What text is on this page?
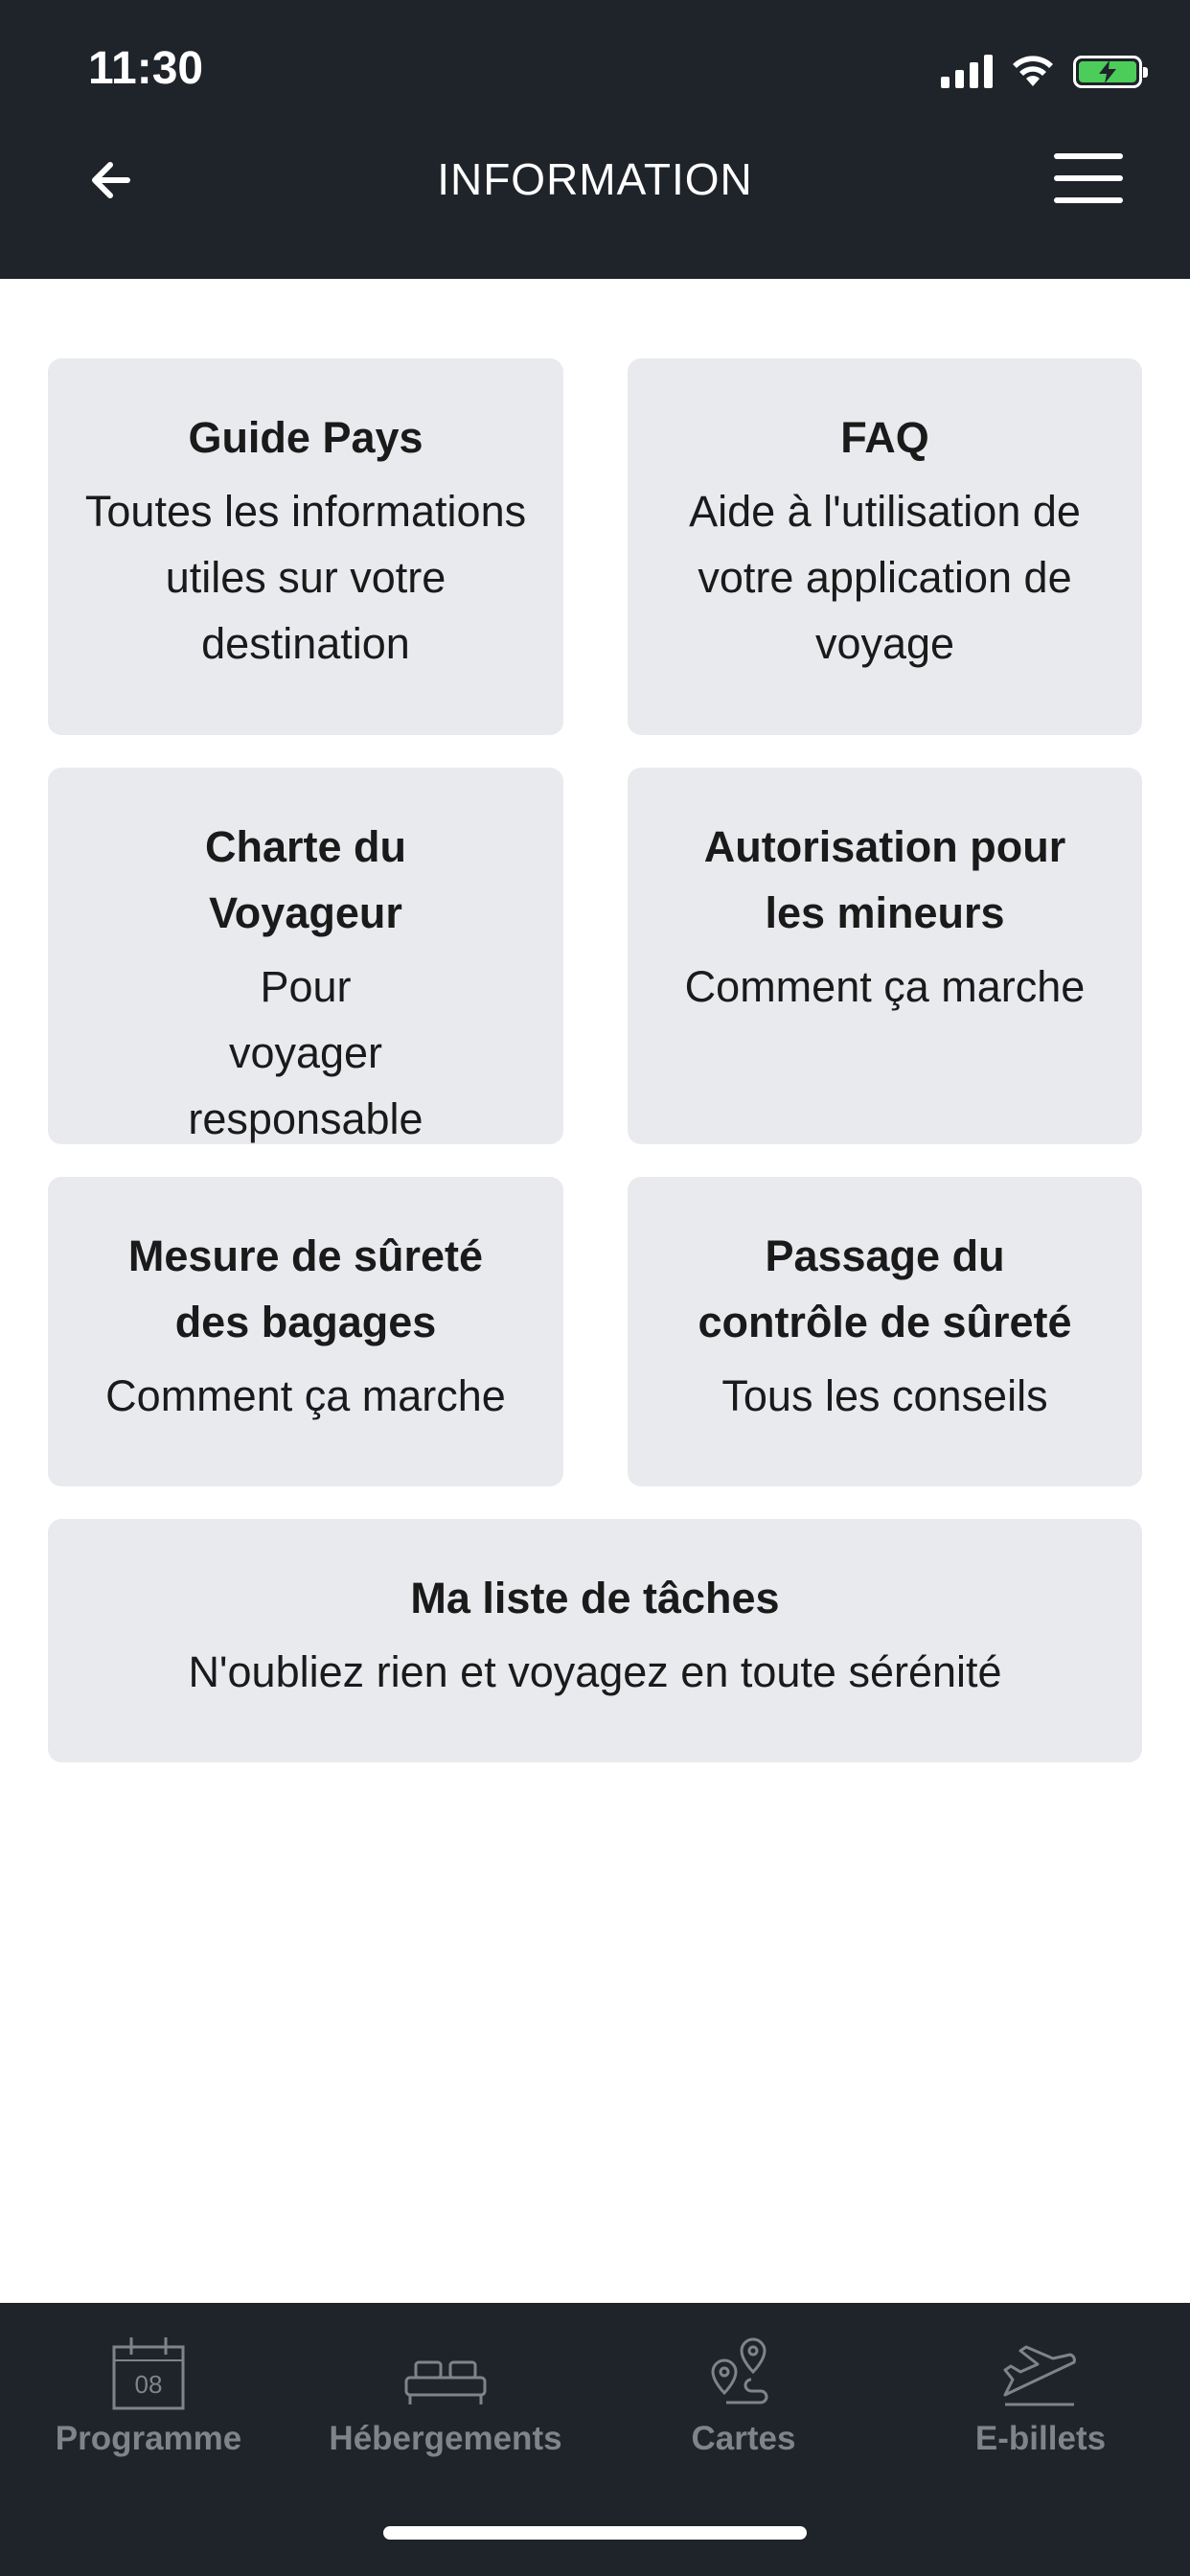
11:30
INFORMATION
Guide Pays
Toutes les informations utiles sur votre destination
FAQ
Aide à l'utilisation de votre application de voyage
Charte du Voyageur
Pour voyager responsable
Autorisation pour les mineurs
Comment ça marche
Mesure de sûreté des bagages
Comment ça marche
Passage du contrôle de sûreté
Tous les conseils
Ma liste de tâches
N'oubliez rien et voyagez en toute sérénité
08
Programme	Hébergements	Cartes	E-billets
